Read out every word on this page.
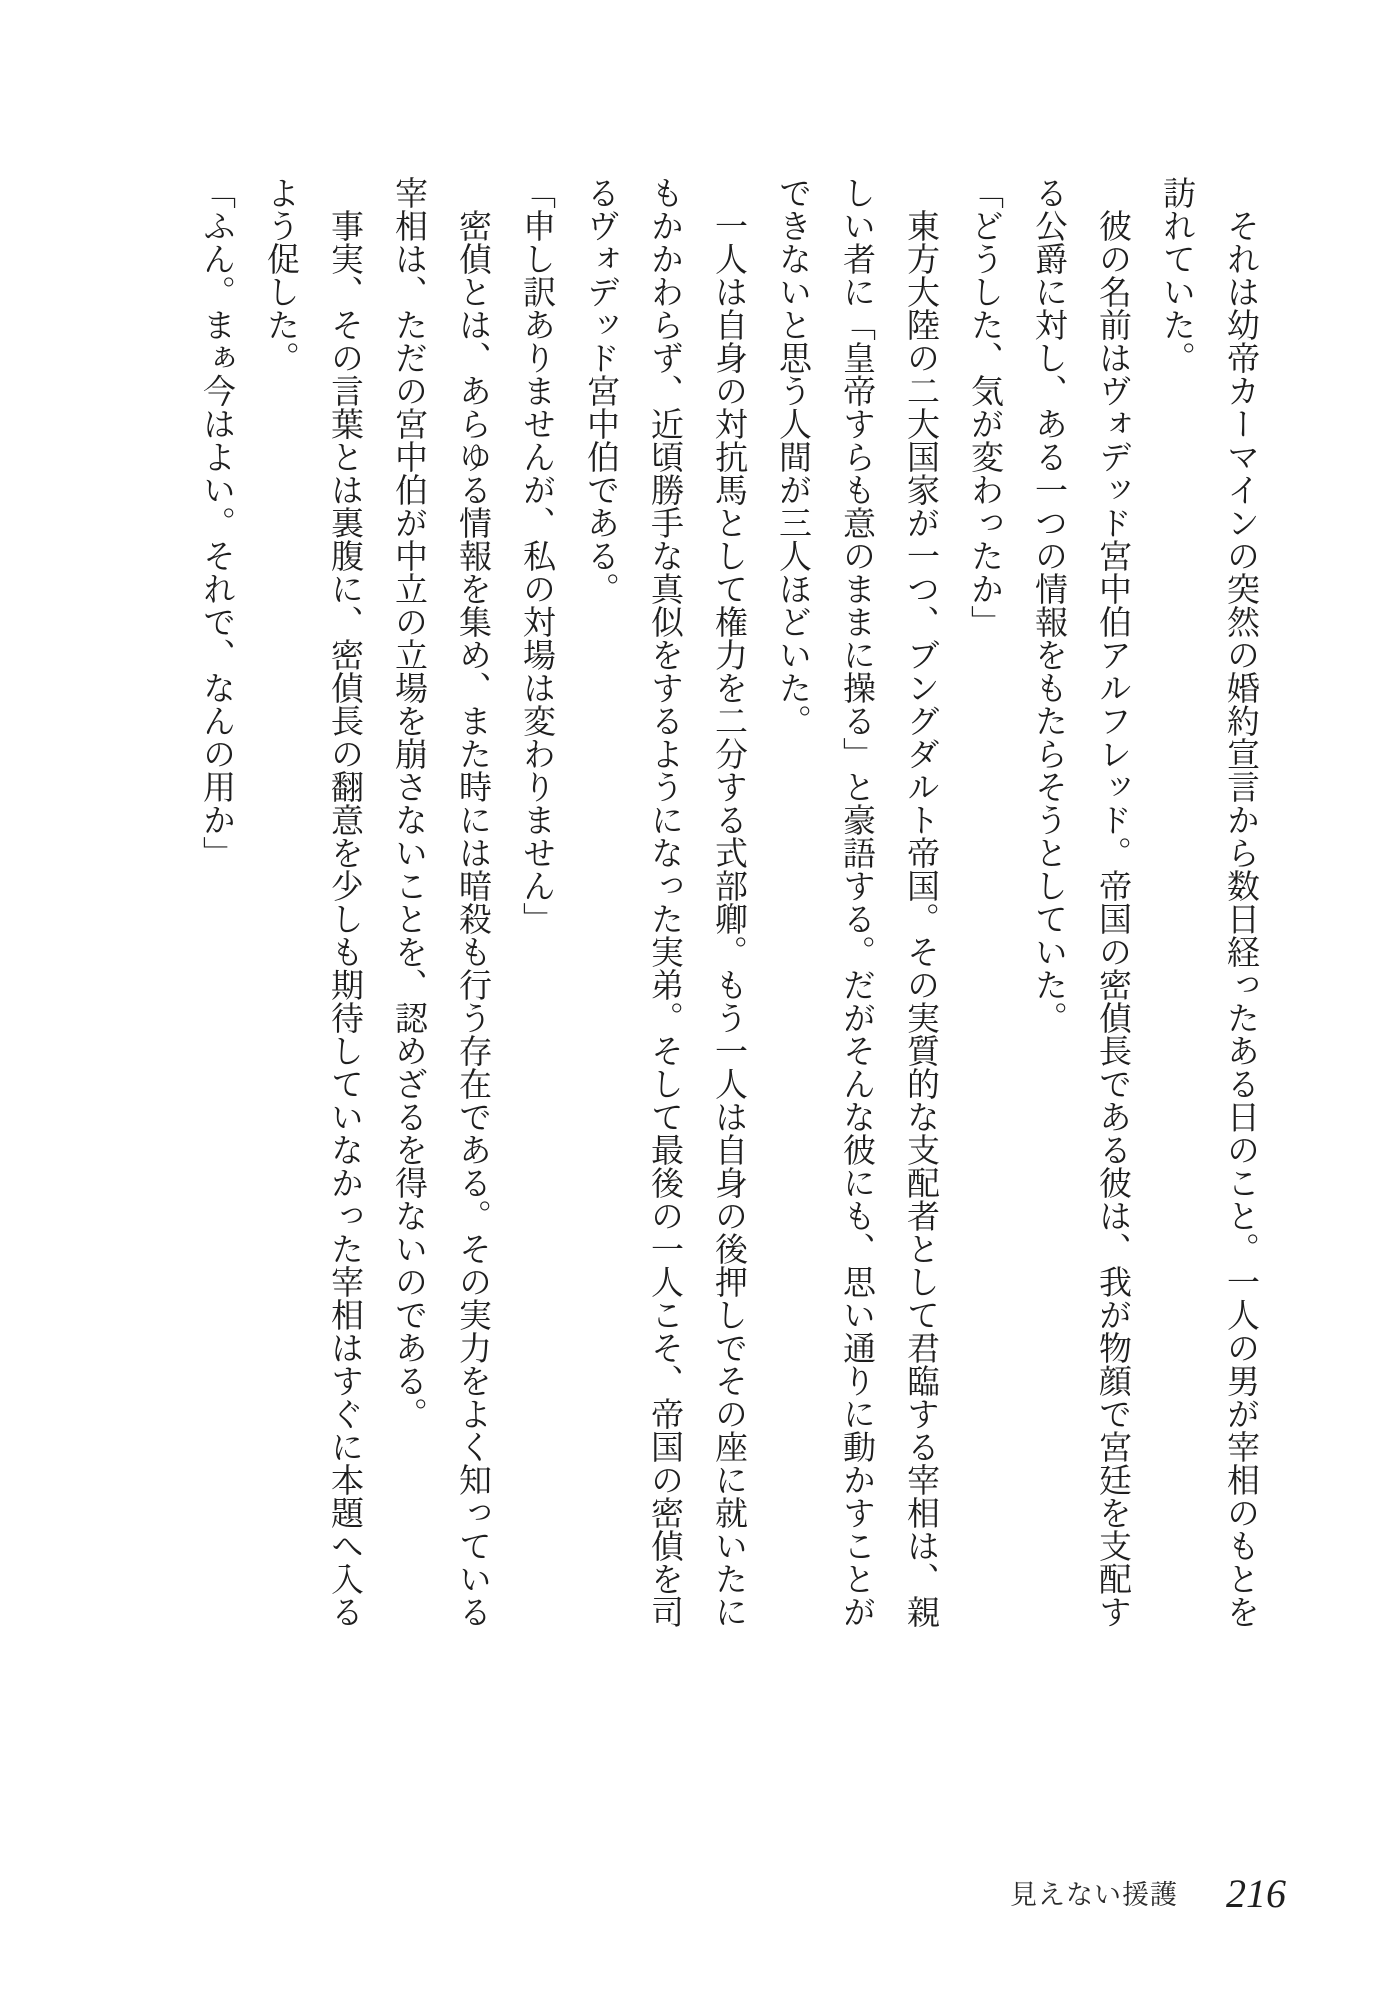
それは幼帝カーマインの突然の婚約宣言から数日経ったある日のこと。一人の男が宰相のもとを訪れていた。

彼の名前はヴォデッド宮中伯アルフレッド。帝国の密偵長である彼は、我が物顔で宮廷を支配する公爵に対し、ある一つの情報をもたらそうとしていた。

「どうした、気が変わったか」

東方大陸の二大国家が一つ、ブングダルト帝国。その実質的な支配者として君臨する宰相は、親しい者に「皇帝すらも意のままに操る」と豪語する。だがそんな彼にも、思い通りに動かすことができないと思う人間が三人ほどいた。

一人は自身の対抗馬として権力を二分する式部卿。もう一人は自身の後押しでその座に就いたにもかかわらず、近頃勝手な真似をするようになった実弟。そして最後の一人こそ、帝国の密偵を司るヴォデッド宮中伯である。

「申し訳ありませんが、私の対場は変わりません」

密偵とは、あらゆる情報を集め、また時には暗殺も行う存在である。その実力をよく知っている宰相は、ただの宮中伯が中立の立場を崩さないことを、認めざるを得ないのである。

事実、その言葉とは裏腹に、密偵長の翻意を少しも期待していなかった宰相はすぐに本題へ入るよう促した。

「ふん。まぁ今はよい。それで、なんの用か」

見えない援護 216
